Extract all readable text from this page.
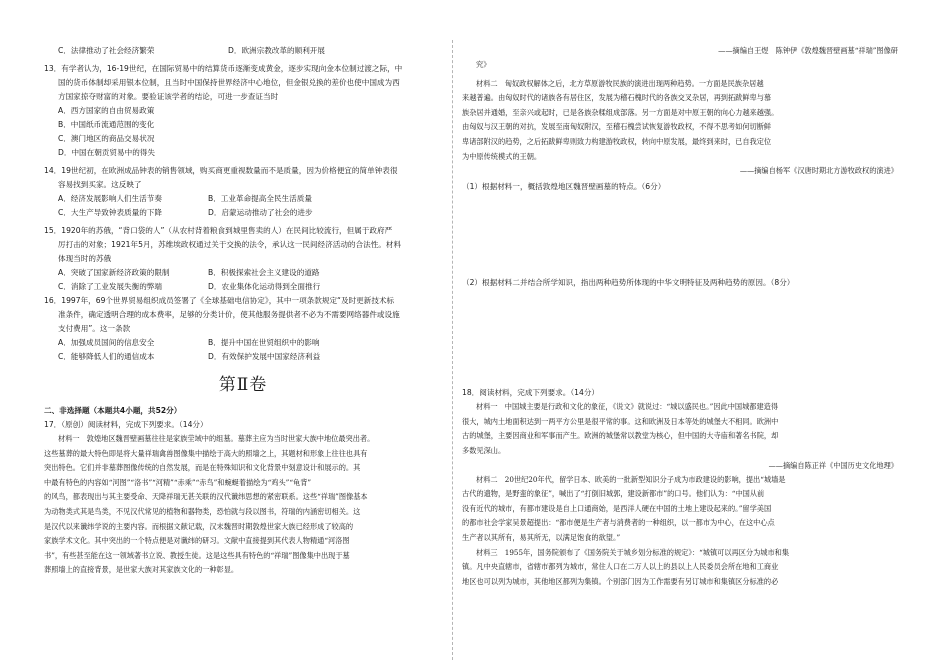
C．法律推动了社会经济繁荣	D．欧洲宗教改革的顺利开展

13．有学者认为，16-19世纪，在国际贸易中的结算货币逐渐变成黄金，逐步实现向金本位制过渡之际，中

国的货币体制却采用银本位制，且当时中国保持世界经济中心地位，但金银兑换的差价也使中国成为西

方国家掠夺财富的对象。要验证该学者的结论，可进一步查证当时

A．西方国家的自由贸易政策

B．中国纸币流通范围的变化

C．澳门地区的商品交易状况

D．中国在朝贡贸易中的得失

14．19世纪初，在欧洲成品钟表的销售领域，购买商更重视数量而不是质量，因为价格便宜的简单钟表很

容易找到买家。这反映了

A．经济发展影响人们生活节奏	B．工业革命提高全民生活质量
C．大生产导致钟表质量的下降	D．启蒙运动推动了社会的进步

15．1920年的苏俄，“背口袋的人”（从农村背着粮食到城里售卖的人）在民间比较流行，但属于政府严

厉打击的对象；1921年5月，苏维埃政权通过关于交换的法令，承认这一民间经济活动的合法性。材料

体现当时的苏俄

A．突破了国家新经济政策的限制	B．积极探索社会主义建设的道路
C．消除了工业发展失衡的弊端	D．农业集体化运动得到全面推行

16．1997年，69个世界贸易组织成员签署了《全球基础电信协定》，其中一项条款规定“及时更新技术标

准条件，确定透明合理的成本费率，足够的分类计价，使其他服务提供者不必为不需要网络器件或设施

支付费用”。这一条款

A．加强成员国间的信息安全	B．提升中国在世贸组织中的影响
C．能够降低人们的通信成本	D．有效保护发展中国家经济利益
第Ⅱ卷

二、非选择题（本题共4小题，共52分）

17．（原创）阅读材料，完成下列要求。（14分）

材料一　敦煌地区魏晋壁画墓往往是家族茔域中的组墓。墓葬主应为当时世家大族中地位最突出者。

这些墓葬的最大特色即是将大量祥瑞禽兽图像集中描绘于高大的照墙之上，其题材和形象上往往也具有

突出特色。它们并非墓葬图像传统的自然发展，而是在特殊知识和文化背景中刻意设计和展示的。其

中最有特色的内容如“河图”“洛书”“河精”“赤乘”“赤鸟”和蜿蜒着描绘为“鸡头”“龟背”

的风鸟，都表现出与其主要受命、天降祥瑞无甚关联的汉代谶纬思想的紧密联系。这些“祥瑞”图像基本

为动物类式其是鸟类，不见汉代常见的植物和器物类，恐怕就与段以图书，符瑞的内涵密切相关。这

是汉代以来谶纬学说的主要内容。而根据文献记载，汉末魏晋时期敦煌世家大族已经形成了较高的

家族学术文化。其中突出的一个特点便是对谶纬的研习。文献中直接提到其代表人物精通“河洛图

书”，有些甚至能在这一领域著书立说、教授生徒。这是这些具有特色的“祥瑞”图像集中出现于墓

葬照墙上的直接背景，是世家大族对其家族文化的一种彰显。

——摘编自王煜　陈钟伊《敦煌魏晋壁画墓“祥瑞”图像研

究》

材料二　匈奴政权解体之后，北方草原游牧民族的演进出现两种趋势。一方面是民族杂居越

来越普遍。由匈奴时代的诸族各有居住区，发展为稽石槐时代的各族交叉杂居，再到拓跋鲜卑与慕

族杂居并通婚，至亲兴或起时，已是各族杂糅组成部落。另一方面是对中原王朝的向心力越来越强。

由匈奴与汉王朝的对抗，发展至南匈奴附汉，至稽石槐尝试恢复游牧政权，不得不思考如何切断鲜

卑诸部附汉的趋势，之后拓跋鲜卑则致力构建游牧政权，转向中原发展，最终到来时，已自我定位

为中原传统模式的王朝。

——摘编自杨军《汉唐时期北方游牧政权的演进》

（1）根据材料一，概括敦煌地区魏晋壁画墓的特点。（6分）

（2）根据材料二并结合所学知识，指出两种趋势所体现的中华文明特征及两种趋势的原因。（8分）

18．阅读材料，完成下列要求。（14分）

材料一　中国城主要是行政和文化的象征，《说文》就说过：“城以盛民也。”因此中国城都建造得

很大，城内土地面积达到一两平方公里是很平常的事。这和欧洲及日本等处的城堡大不相同。欧洲中

古的城堡，主要因商业和军事而产生。欧洲的城堡常以教堂为核心，但中国的大寺庙和著名书院，却

多数见深山。

——摘编自陈正祥《中国历史文化地理》

材料二　20世纪20年代，留学日本、欧美的一批新型知识分子成为市政建设的影响，提出“城墙是

古代的遗物，是野蛮的象征”，喊出了“打倒旧城郭，建设新都市”的口号。他们认为：“中国从前

没有近代的城市，有都市建设是自上口通商始，是西洋人硬在中国的土地上建设起来的。”留学美国

的都市社会学家吴景超提出：“都市便是生产者与消费者的一种组织，以一都市为中心，在这中心点

生产者以其所有，易其所无，以满足饱食的欲望。”

材料三　1955年，国务院颁布了《国务院关于城乡划分标准的规定》：“城镇可以再区分为城市和集

镇。凡中央直辖市，省辖市都列为城市，常住人口在二万人以上的县以上人民委员会所在地和工商业

地区也可以列为城市，其他地区都列为集镇。个别部门因为工作需要有另订城市和集镇区分标准的必
